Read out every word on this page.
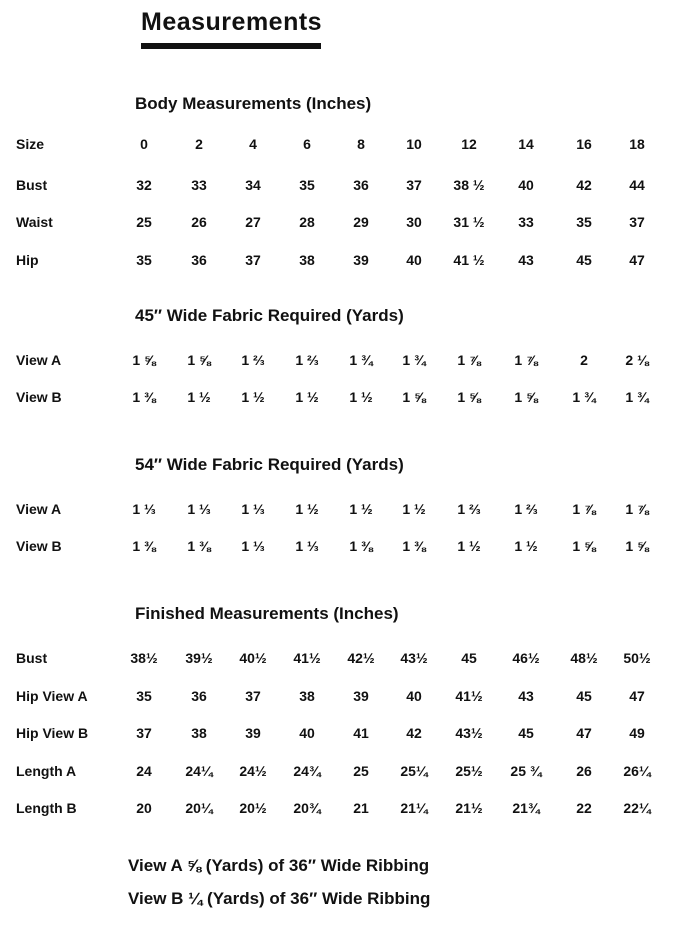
Measurements
Body Measurements (Inches)
Size	0	2	4	6	8	10	12	14	16	18
Bust	32	33	34	35	36	37	38 ½	40	42	44
Waist	25	26	27	28	29	30	31 ½	33	35	37
Hip	35	36	37	38	39	40	41 ½	43	45	47
45″ Wide Fabric Required (Yards)
View A	1 ⅝	1 ⅝	1 ⅔	1 ⅔	1 ¾	1 ¾	1 ⅞	1 ⅞	2	2 ⅛
View B	1 ⅜	1 ½	1 ½	1 ½	1 ½	1 ⅝	1 ⅝	1 ⅝	1 ¾	1 ¾
54″ Wide Fabric Required (Yards)
View A	1 ⅓	1 ⅓	1 ⅓	1 ½	1 ½	1 ½	1 ⅔	1 ⅔	1 ⅞	1 ⅞
View B	1 ⅜	1 ⅜	1 ⅓	1 ⅓	1 ⅜	1 ⅜	1 ½	1 ½	1 ⅝	1 ⅝
Finished Measurements (Inches)
Bust	38½	39½	40½	41½	42½	43½	45	46½	48½	50½
Hip View A	35	36	37	38	39	40	41½	43	45	47
Hip View B	37	38	39	40	41	42	43½	45	47	49
Length A	24	24¼	24½	24¾	25	25¼	25½	25 ¾	26	26¼
Length B	20	20¼	20½	20¾	21	21¼	21½	21¾	22	22¼
View A ⅝ (Yards) of 36″ Wide Ribbing
View B ¼ (Yards) of 36″ Wide Ribbing
